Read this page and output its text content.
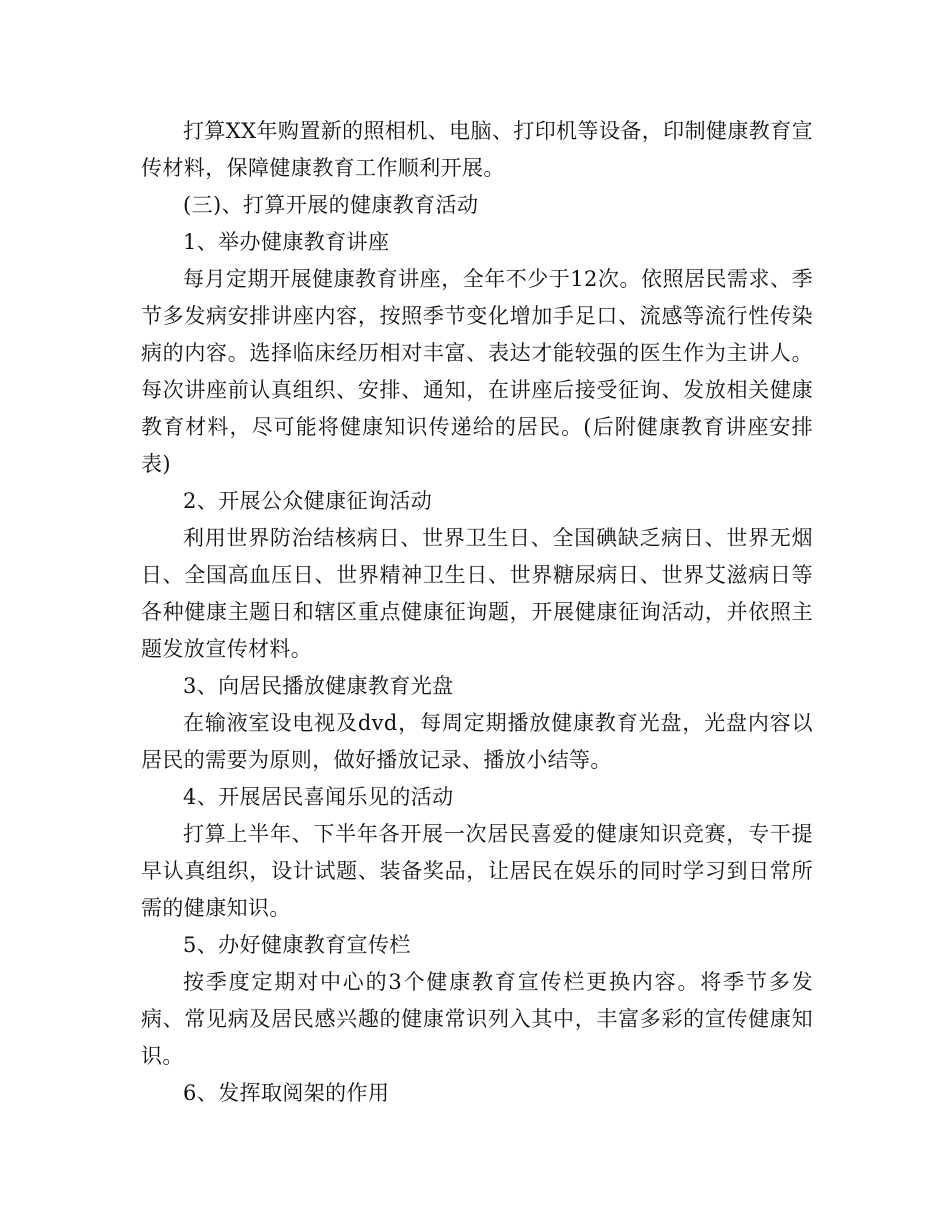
打算XX年购置新的照相机、电脑、打印机等设备，印制健康教育宣传材料，保障健康教育工作顺利开展。

(三)、打算开展的健康教育活动

1、举办健康教育讲座

每月定期开展健康教育讲座，全年不少于12次。依照居民需求、季节多发病安排讲座内容，按照季节变化增加手足口、流感等流行性传染病的内容。选择临床经历相对丰富、表达才能较强的医生作为主讲人。每次讲座前认真组织、安排、通知，在讲座后接受征询、发放相关健康教育材料，尽可能将健康知识传递给的居民。(后附健康教育讲座安排表)

2、开展公众健康征询活动

利用世界防治结核病日、世界卫生日、全国碘缺乏病日、世界无烟日、全国高血压日、世界精神卫生日、世界糖尿病日、世界艾滋病日等各种健康主题日和辖区重点健康征询题，开展健康征询活动，并依照主题发放宣传材料。

3、向居民播放健康教育光盘

在输液室设电视及dvd，每周定期播放健康教育光盘，光盘内容以居民的需要为原则，做好播放记录、播放小结等。

4、开展居民喜闻乐见的活动

打算上半年、下半年各开展一次居民喜爱的健康知识竞赛，专干提早认真组织，设计试题、装备奖品，让居民在娱乐的同时学习到日常所需的健康知识。

5、办好健康教育宣传栏

按季度定期对中心的3个健康教育宣传栏更换内容。将季节多发病、常见病及居民感兴趣的健康常识列入其中，丰富多彩的宣传健康知识。

6、发挥取阅架的作用
